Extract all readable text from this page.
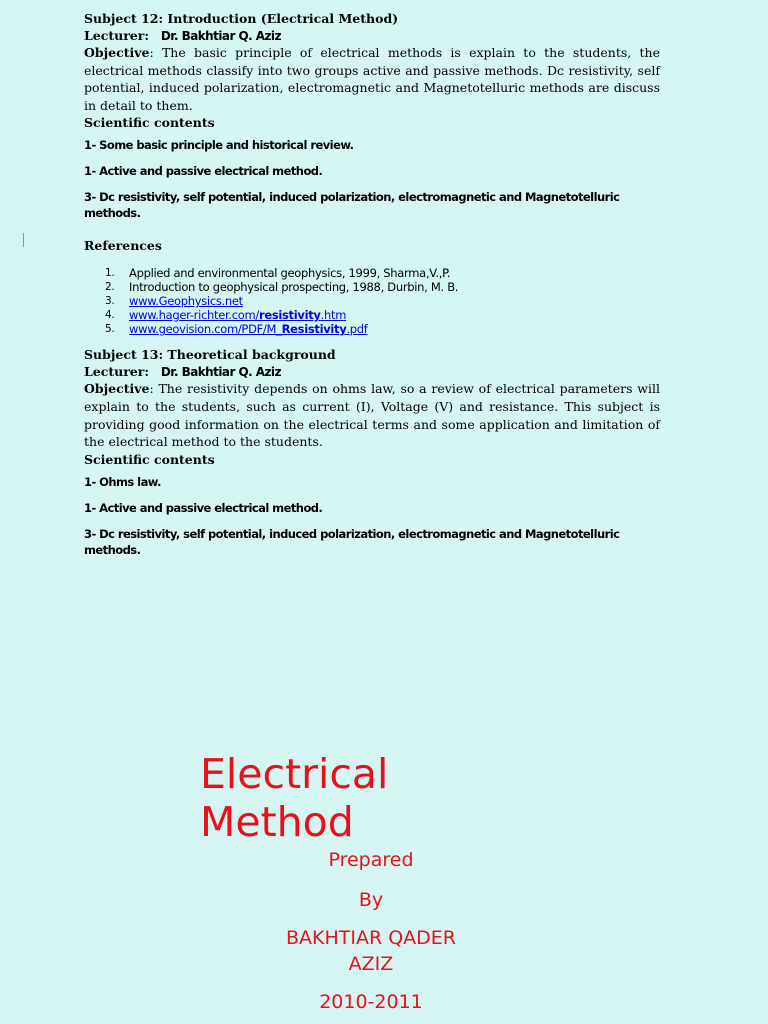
Subject 12: Introduction (Electrical Method)

Lecturer: Dr. Bakhtiar Q. Aziz

Objective: The basic principle of electrical methods is explain to the students, the electrical methods classify into two groups active and passive methods. Dc resistivity, self potential, induced polarization, electromagnetic and Magnetotelluric methods are discuss in detail to them.

Scientific contents

1- Some basic principle and historical review.

1- Active and passive electrical method.

3- Dc resistivity, self potential, induced polarization, electromagnetic and Magnetotelluric methods.

References

1. Applied and environmental geophysics, 1999, Sharma,V.,P.
2. Introduction to geophysical prospecting, 1988, Durbin, M. B.
3. www.Geophysics.net
4. www.hager-richter.com/resistivity.htm
5. www.geovision.com/PDF/M_Resistivity.pdf

Subject 13: Theoretical background

Lecturer: Dr. Bakhtiar Q. Aziz

Objective: The resistivity depends on ohms law, so a review of electrical parameters will explain to the students, such as current (I), Voltage (V) and resistance. This subject is providing good information on the electrical terms and some application and limitation of the electrical method to the students.

Scientific contents

1- Ohms law.

1- Active and passive electrical method.

3- Dc resistivity, self potential, induced polarization, electromagnetic and Magnetotelluric methods.

Electrical
Method
Prepared
By
BAKHTIAR QADER
AZIZ
2010-2011
